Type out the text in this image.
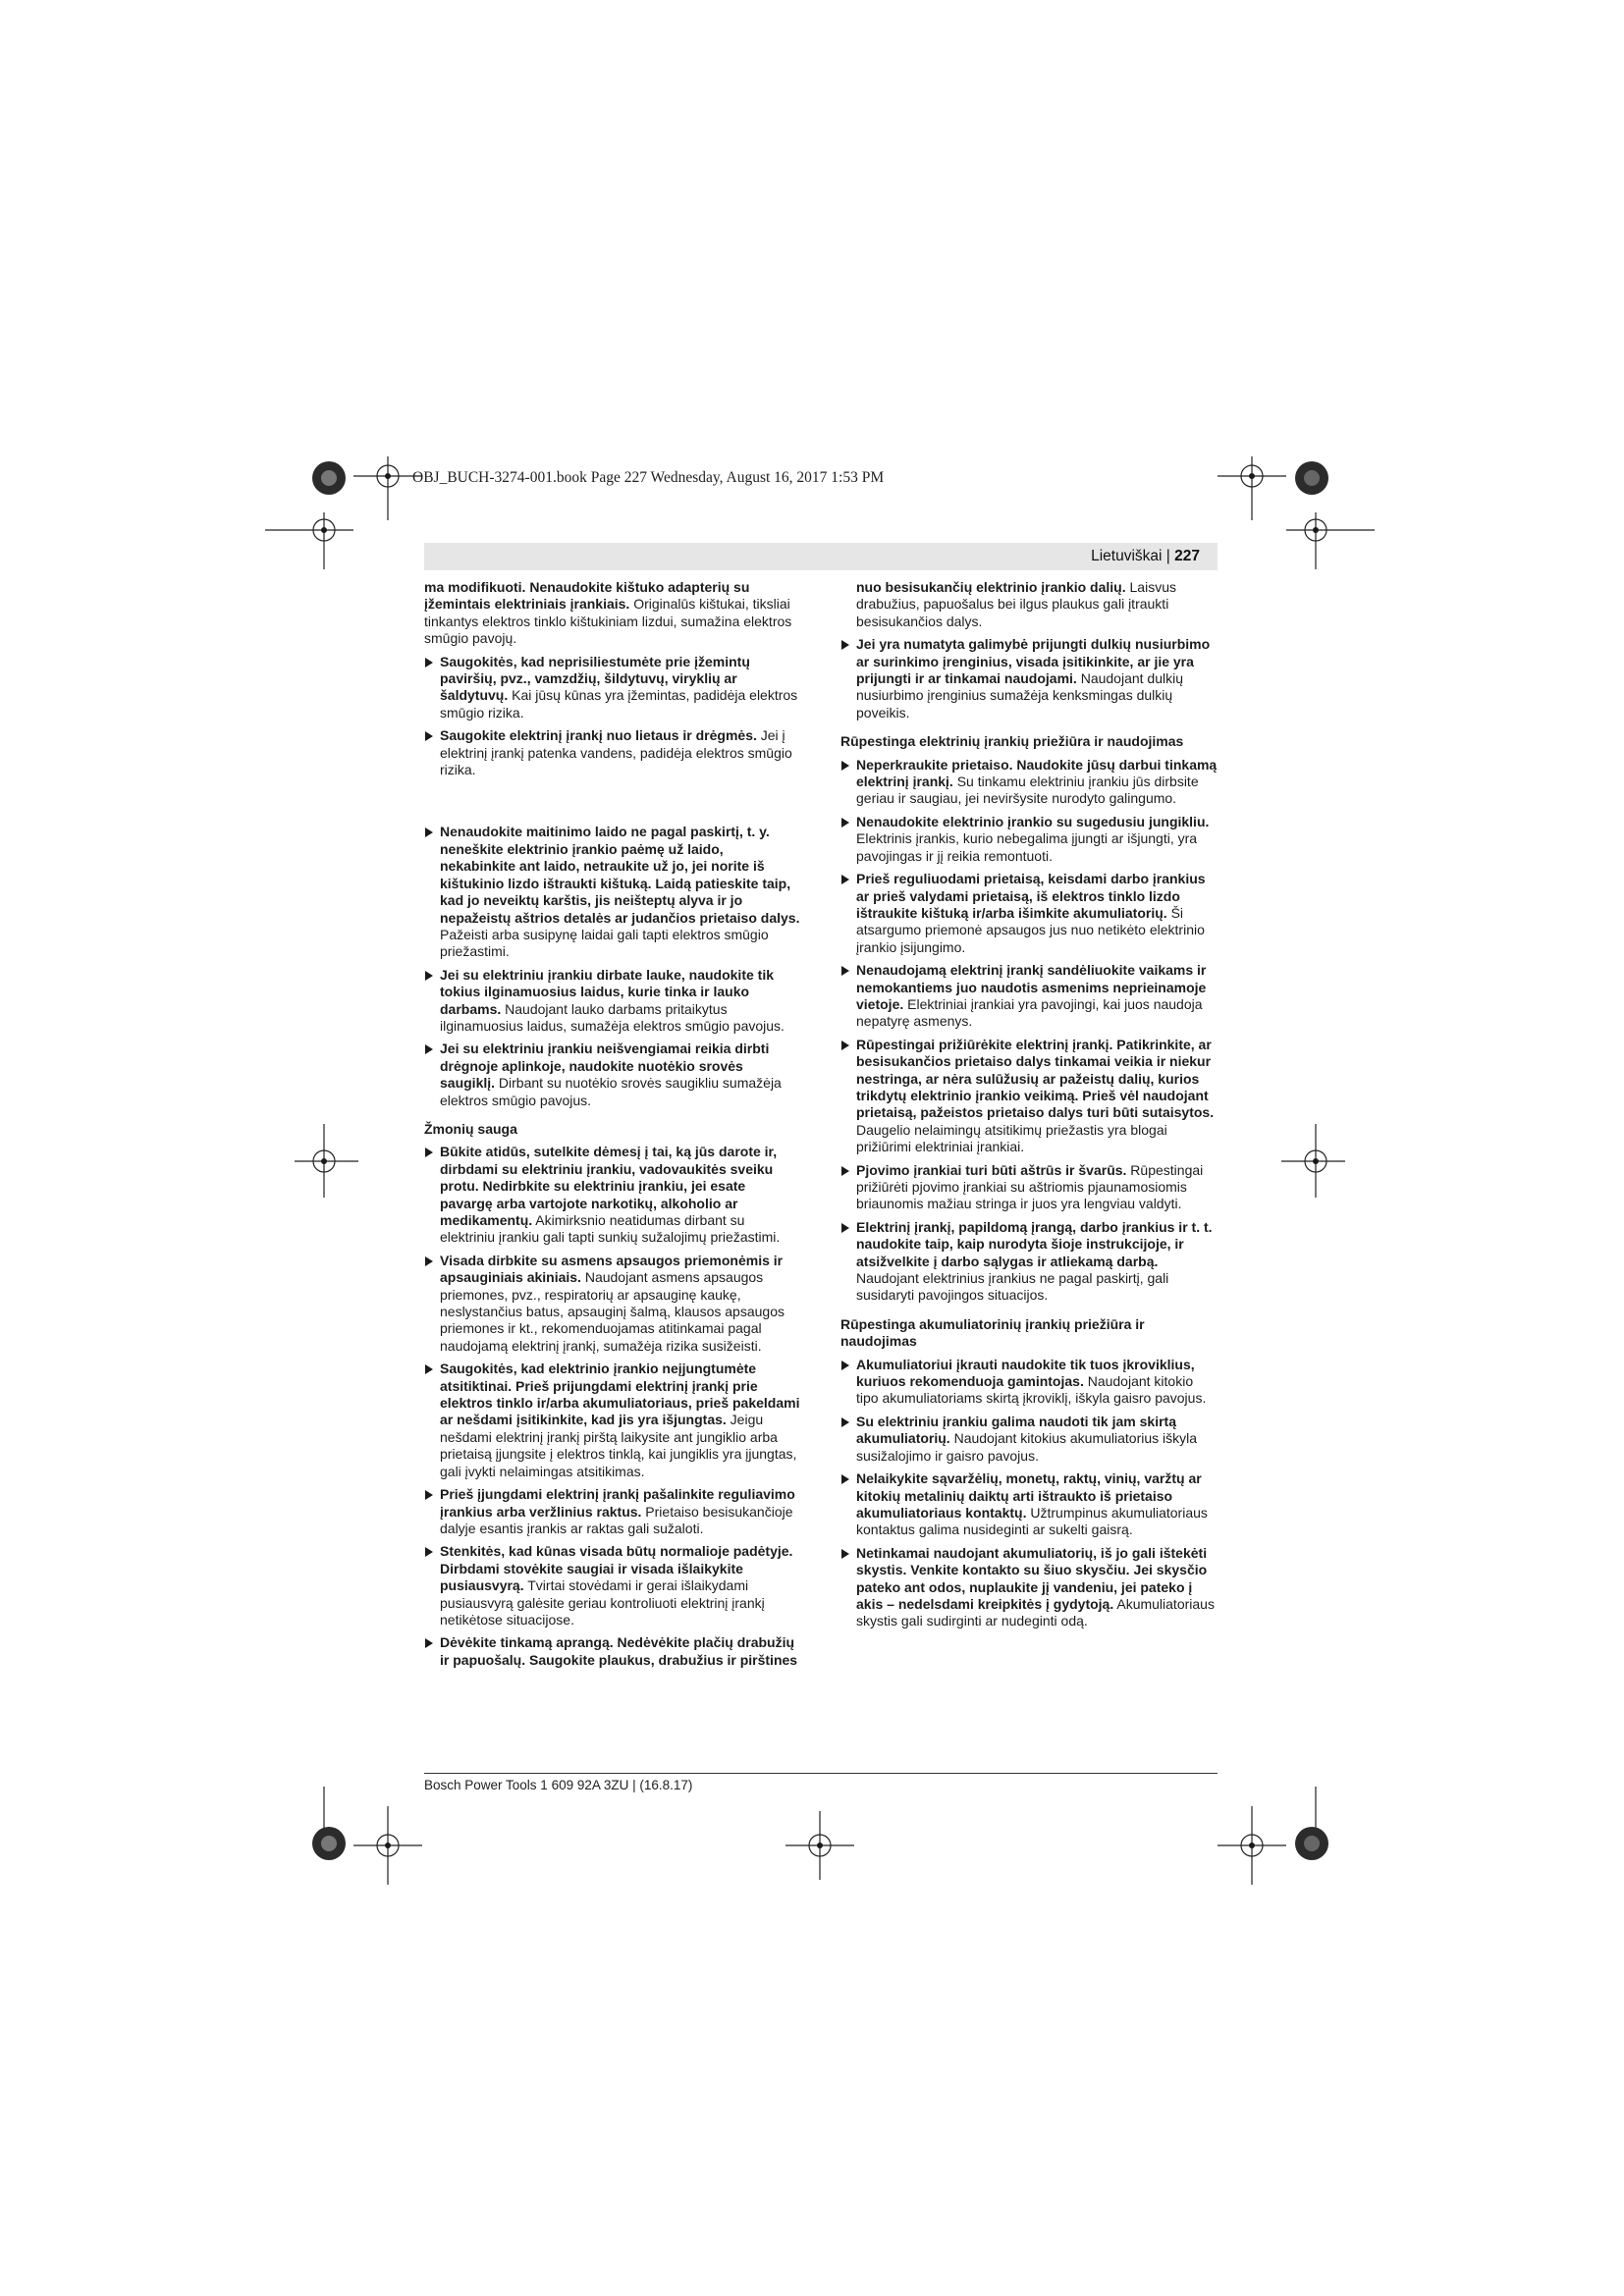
OBJ_BUCH-3274-001.book Page 227 Wednesday, August 16, 2017 1:53 PM
Lietuviškai | 227

ma modifikuoti. Nenaudokite kištuko adapterių su įžemintais elektriniais įrankiais. Originalūs kištukai, tiksliai tinkantys elektros tinklo kištukiniam lizdui, sumažina elektros smūgio pavojų.

Saugokitės, kad neprisiliestumėte prie įžemintų paviršių, pvz., vamzdžių, šildytuvų, viryklių ar šaldytuvų. Kai jūsų kūnas yra įžemintas, padidėja elektros smūgio rizika.
Saugokite elektrinį įrankį nuo lietaus ir drėgmės. Jei į elektrinį įrankį patenka vandens, padidėja elektros smūgio rizika.
Nenaudokite maitinimo laido ne pagal paskirtį, t. y. neneškite elektrinio įrankio paėmę už laido, nekabinkite ant laido, netraukite už jo, jei norite iš kištukinio lizdo ištraukti kištuką. Laidą patieskite taip, kad jo neveiktų karštis, jis neišteptų alyva ir jo nepažeistų aštrios detalės ar judančios prietaiso dalys. Pažeisti arba susipynę laidai gali tapti elektros smūgio priežastimi.
Jei su elektriniu įrankiu dirbate lauke, naudokite tik tokius ilginamuosius laidus, kurie tinka ir lauko darbams. Naudojant lauko darbams pritaikytus ilginamuosius laidus, sumažėja elektros smūgio pavojus.
Jei su elektriniu įrankiu neišvengiamai reikia dirbti drėgnoje aplinkoje, naudokite nuotėkio srovės saugiklį. Dirbant su nuotėkio srovės saugikliu sumažėja elektros smūgio pavojus.

Žmonių sauga

Būkite atidūs, sutelkite dėmesį į tai, ką jūs darote ir, dirbdami su elektriniu įrankiu, vadovaukitės sveiku protu. Nedirbkite su elektriniu įrankiu, jei esate pavargę arba vartojote narkotikų, alkoholio ar medikamentų. Akimirksnio neatidumas dirbant su elektriniu įrankiu gali tapti sunkių sužalojimų priežastimi.
Visada dirbkite su asmens apsaugos priemonėmis ir apsauginiais akiniais. Naudojant asmens apsaugos priemones, pvz., respiratorių ar apsauginę kaukę, neslystančius batus, apsauginį šalmą, klausos apsaugos priemones ir kt., rekomenduojamas atitinkamai pagal naudojamą elektrinį įrankį, sumažėja rizika susižeisti.
Saugokitės, kad elektrinio įrankio neįjungtumėte atsitiktinai. Prieš prijungdami elektrinį įrankį prie elektros tinklo ir/arba akumuliatoriaus, prieš pakeldami ar nešdami įsitikinkite, kad jis yra išjungtas. Jeigu nešdami elektrinį įrankį pirštą laikysite ant jungiklio arba prietaisą įjungsite į elektros tinklą, kai jungiklis yra įjungtas, gali įvykti nelaimingas atsitikimas.
Prieš įjungdami elektrinį įrankį pašalinkite reguliavimo įrankius arba veržlinius raktus. Prietaiso besisukančioje dalyje esantis įrankis ar raktas gali sužaloti.
Stenkitės, kad kūnas visada būtų normalioje padėtyje. Dirbdami stovėkite saugiai ir visada išlaikykite pusiausvyrą. Tvirtai stovėdami ir gerai išlaikydami pusiausvyrą galėsite geriau kontroliuoti elektrinį įrankį netikėtose situacijose.
Dėvėkite tinkamą aprangą. Nedėvėkite plačių drabužių ir papuošalų. Saugokite plaukus, drabužius ir pirštines

nuo besisukančių elektrinio įrankio dalių. Laisvus drabužius, papuošalus bei ilgus plaukus gali įtraukti besisukančios dalys.

Jei yra numatyta galimybė prijungti dulkių nusiurbimo ar surinkimo įrenginius, visada įsitikinkite, ar jie yra prijungti ir ar tinkamai naudojami. Naudojant dulkių nusiurbimo įrenginius sumažėja kenksmingas dulkių poveikis.

Rūpestinga elektrinių įrankių priežiūra ir naudojimas

Neperkraukite prietaiso. Naudokite jūsų darbui tinkamą elektrinį įrankį. Su tinkamu elektriniu įrankiu jūs dirbsite geriau ir saugiau, jei neviršysite nurodyto galingumo.
Nenaudokite elektrinio įrankio su sugedusiu jungikliu. Elektrinis įrankis, kurio nebegalima įjungti ar išjungti, yra pavojingas ir jį reikia remontuoti.
Prieš reguliuodami prietaisą, keisdami darbo įrankius ar prieš valydami prietaisą, iš elektros tinklo lizdo ištraukite kištuką ir/arba išimkite akumuliatorių. Ši atsargumo priemonė apsaugos jus nuo netikėto elektrinio įrankio įsijungimo.
Nenaudojamą elektrinį įrankį sandėliuokite vaikams ir nemokantiems juo naudotis asmenims neprieinamoje vietoje. Elektriniai įrankiai yra pavojingi, kai juos naudoja nepatyrę asmenys.
Rūpestingai prižiūrėkite elektrinį įrankį. Patikrinkite, ar besisukančios prietaiso dalys tinkamai veikia ir niekur nestringa, ar nėra sulūžusių ar pažeistų dalių, kurios trikdytų elektrinio įrankio veikimą. Prieš vėl naudojant prietaisą, pažeistos prietaiso dalys turi būti sutaisytos. Daugelio nelaimingų atsitikimų priežastis yra blogai prižiūrimi elektriniai įrankiai.
Pjovimo įrankiai turi būti aštrūs ir švarūs. Rūpestingai prižiūrėti pjovimo įrankiai su aštriomis pjaunamosiomis briaunomis mažiau stringa ir juos yra lengviau valdyti.
Elektrinį įrankį, papildomą įrangą, darbo įrankius ir t. t. naudokite taip, kaip nurodyta šioje instrukcijoje, ir atsižvelkite į darbo sąlygas ir atliekamą darbą. Naudojant elektrinius įrankius ne pagal paskirtį, gali susidaryti pavojingos situacijos.

Rūpestinga akumuliatorinių įrankių priežiūra ir naudojimas

Akumuliatoriui įkrauti naudokite tik tuos įkroviklius, kuriuos rekomenduoja gamintojas. Naudojant kitokio tipo akumuliatoriams skirtą įkroviklį, iškyla gaisro pavojus.
Su elektriniu įrankiu galima naudoti tik jam skirtą akumuliatorių. Naudojant kitokius akumuliatorius iškyla susižalojimo ir gaisro pavojus.
Nelaikykite sąvaržėlių, monetų, raktų, vinių, varžtų ar kitokių metalinių daiktų arti ištraukto iš prietaiso akumuliatoriaus kontaktų. Užtrumpinus akumuliatoriaus kontaktus galima nusideginti ar sukelti gaisrą.
Netinkamai naudojant akumuliatorių, iš jo gali ištekėti skystis. Venkite kontakto su šiuo skysčiu. Jei skysčio pateko ant odos, nuplaukite jį vandeniu, jei pateko į akis – nedelsdami kreipkitės į gydytoją. Akumuliatoriaus skystis gali sudirginti ar nudeginti odą.
Bosch Power Tools 1 609 92A 3ZU | (16.8.17)
